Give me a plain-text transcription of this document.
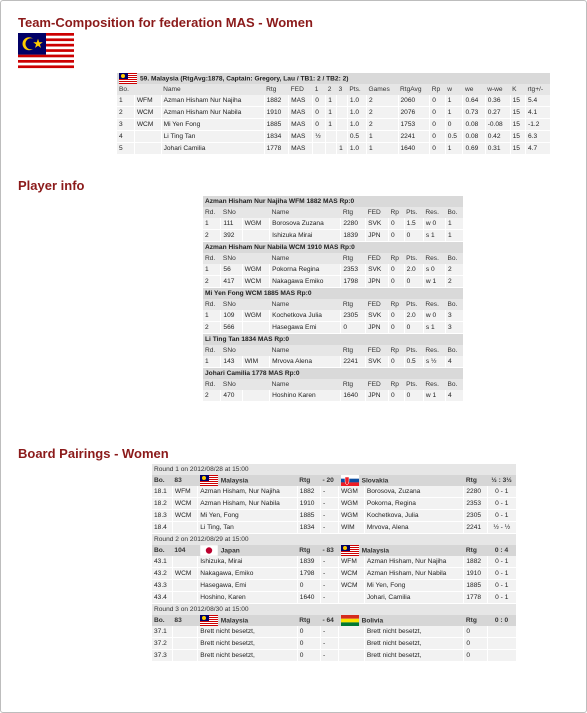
Team-Composition for federation MAS - Women
59. Malaysia (RtgAvg:1878, Captain: Gregory, Lau / TB1: 2 / TB2: 2)																
Bo.		Name	Rtg	FED	1	2	3	Pts.	Games	RtgAvg	Rp	w	we	w-we	K	rtg+/-
1	WFM	Azman Hisham Nur Najiha	1882	MAS	0	1		1.0	2	2060	0	1	0.64	0.36	15	5.4
2	WCM	Azman Hisham Nur Nabila	1910	MAS	0	1		1.0	2	2076	0	1	0.73	0.27	15	4.1
3	WCM	Mi Yen Fong	1885	MAS	0	1		1.0	2	1753	0	0	0.08	-0.08	15	-1.2
4		Li Ting Tan	1834	MAS	½			0.5	1	2241	0	0.5	0.08	0.42	15	6.3
5		Johari Camilia	1778	MAS			1	1.0	1	1640	0	1	0.69	0.31	15	4.7
Player info
Azman Hisham Nur Najiha WFM 1882 MAS Rp:0									
Rd.	SNo		Name	Rtg	FED	Rp	Pts.	Res.	Bo.
1	111	WGM	Borosova Zuzana	2280	SVK	0	1.5	w 0	1
2	392		Ishizuka Mirai	1839	JPN	0	0	s 1	1
Azman Hisham Nur Nabila WCM 1910 MAS Rp:0									
Rd.	SNo		Name	Rtg	FED	Rp	Pts.	Res.	Bo.
1	56	WGM	Pokorna Regina	2353	SVK	0	2.0	s 0	2
2	417	WCM	Nakagawa Emiko	1798	JPN	0	0	w 1	2
Mi Yen Fong WCM 1885 MAS Rp:0									
Rd.	SNo		Name	Rtg	FED	Rp	Pts.	Res.	Bo.
1	109	WGM	Kochetkova Julia	2305	SVK	0	2.0	w 0	3
2	566		Hasegawa Emi	0	JPN	0	0	s 1	3
Li Ting Tan 1834 MAS Rp:0									
Rd.	SNo		Name	Rtg	FED	Rp	Pts.	Res.	Bo.
1	143	WIM	Mrvova Alena	2241	SVK	0	0.5	s ½	4
Johari Camilia 1778 MAS Rp:0									
Rd.	SNo		Name	Rtg	FED	Rp	Pts.	Res.	Bo.
2	470		Hoshino Karen	1640	JPN	0	0	w 1	4
Board Pairings - Women
Round 1 on 2012/08/28 at 15:00								
Bo.	83	Malaysia	Rtg	- 20	Slovakia		Rtg	½ : 3½
18.1	WFM	Azman Hisham, Nur Najiha	1882	-	WGM	Borosova, Zuzana	2280	0 - 1
18.2	WCM	Azman Hisham, Nur Nabila	1910	-	WGM	Pokorna, Regina	2353	0 - 1
18.3	WCM	Mi Yen, Fong	1885	-	WGM	Kochetkova, Julia	2305	0 - 1
18.4		Li Ting, Tan	1834	-	WIM	Mrvova, Alena	2241	½ - ½
Round 2 on 2012/08/29 at 15:00								
Bo.	104	Japan	Rtg	- 83	Malaysia		Rtg	0 : 4
43.1		Ishizuka, Mirai	1839	-	WFM	Azman Hisham, Nur Najiha	1882	0 - 1
43.2	WCM	Nakagawa, Emiko	1798	-	WCM	Azman Hisham, Nur Nabila	1910	0 - 1
43.3		Hasegawa, Emi	0	-	WCM	Mi Yen, Fong	1885	0 - 1
43.4		Hoshino, Karen	1640	-		Johari, Camilia	1778	0 - 1
Round 3 on 2012/08/30 at 15:00								
Bo.	83	Malaysia	Rtg	- 64	Bolivia		Rtg	0 : 0
37.1		Brett nicht besetzt,	0	-		Brett nicht besetzt,	0	
37.2		Brett nicht besetzt,	0	-		Brett nicht besetzt,	0	
37.3		Brett nicht besetzt,	0	-		Brett nicht besetzt,	0	
